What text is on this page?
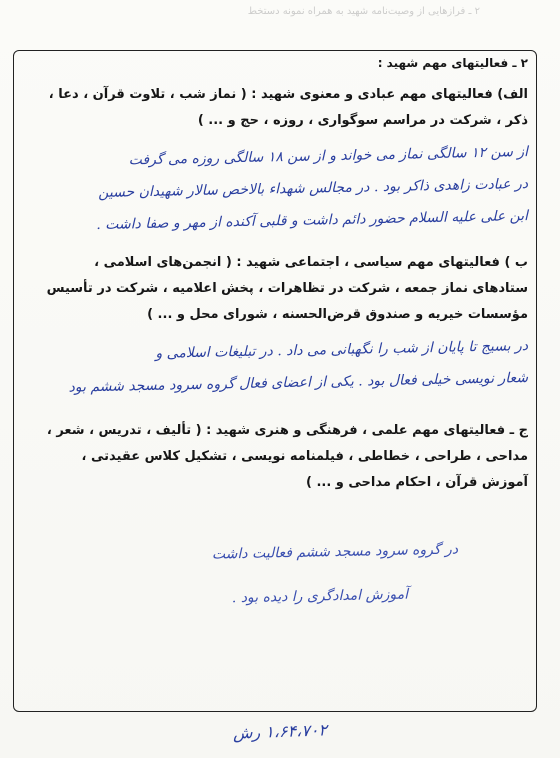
۲ ـ فرازهایی از وصیت‌نامه شهید به همراه نمونه دستخط
۲ ـ فعالیتهای مهم شهید :

الف) فعالیتهای مهم عبادی و معنوی شهید : ( نماز شب ، تلاوت قرآن ، دعا ،

ذکر ، شرکت در مراسم سوگواری ، روزه ، حج و ... )

از سن ۱۲ سالگی نماز می خواند و از سن ۱۸ سالگی روزه می گرفت

در عبادت زاهدی ذاکر بود . در مجالس شهداء بالاخص سالار شهیدان حسین

ابن علی علیه السلام حضور دائم داشت و قلبی آکنده از مهر و صفا داشت .

ب ) فعالیتهای مهم سیاسی ، اجتماعی شهید : ( انجمن‌های اسلامی ،

ستادهای نماز جمعه ، شرکت در تظاهرات ، پخش اعلامیه ، شرکت در تأسیس

مؤسسات خیریه و صندوق قرض‌الحسنه ، شورای محل و ... )

در بسیج تا پایان از شب را نگهبانی می داد . در تبلیغات اسلامی و

شعار نویسی خیلی فعال بود . یکی از اعضای فعال گروه سرود مسجد ششم بود

ج ـ فعالیتهای مهم علمی ، فرهنگی و هنری شهید : ( تألیف ، تدریس ، شعر ،

مداحی ، طراحی ، خطاطی ، فیلمنامه نویسی ، تشکیل کلاس عقیدتی ،

آموزش قرآن ، احکام مداحی و ... )

در گروه سرود مسجد ششم فعالیت داشت

آموزش امدادگری را دیده بود .

۱،۶۴،۷۰۲ رش
